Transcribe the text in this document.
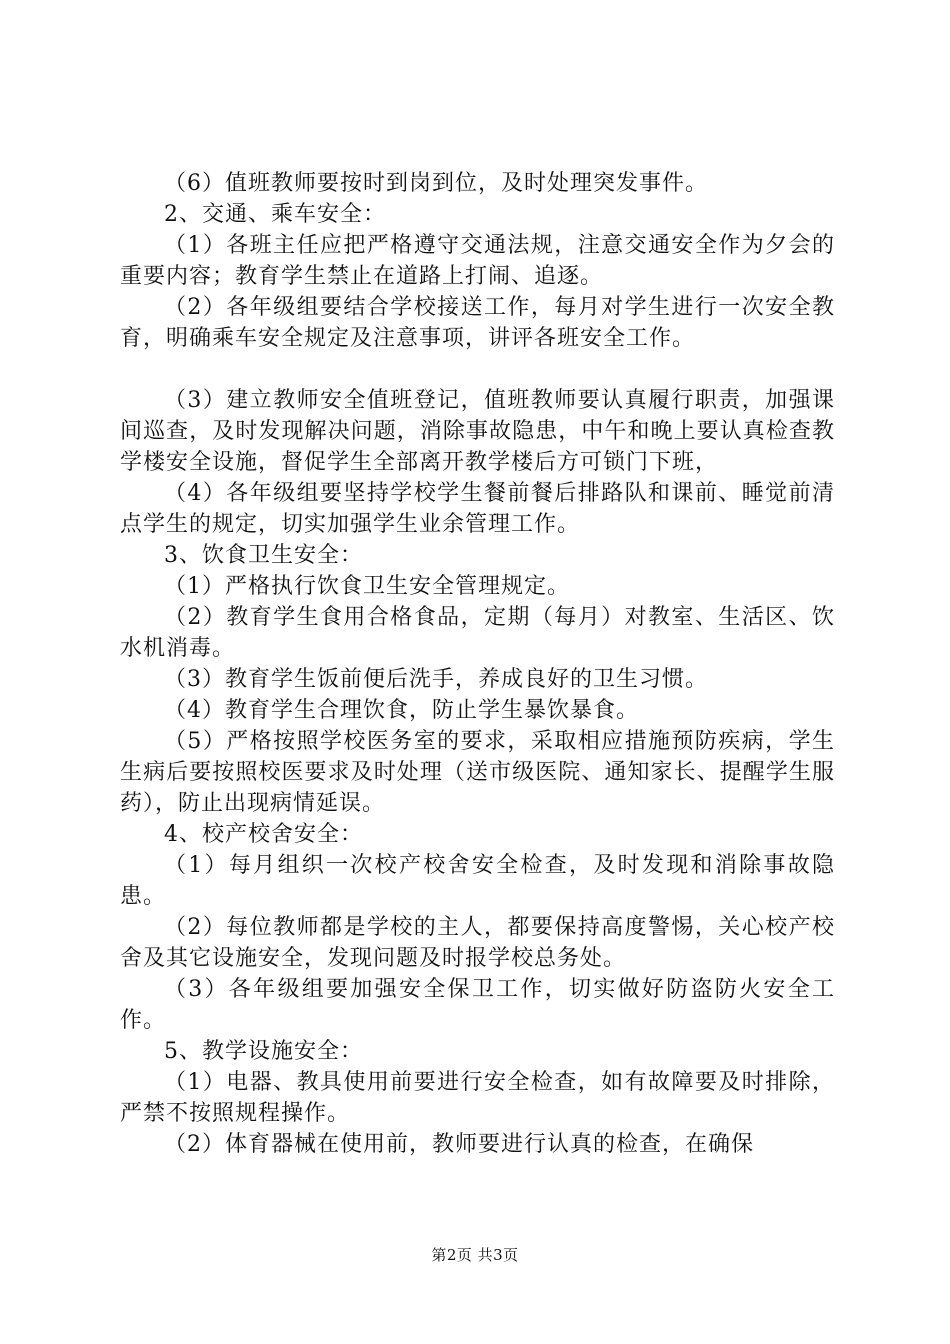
（6）值班教师要按时到岗到位，及时处理突发事件。

2、交通、乘车安全：

（1）各班主任应把严格遵守交通法规，注意交通安全作为夕会的重要内容；教育学生禁止在道路上打闹、追逐。

（2）各年级组要结合学校接送工作，每月对学生进行一次安全教育，明确乘车安全规定及注意事项，讲评各班安全工作。

（3）建立教师安全值班登记，值班教师要认真履行职责，加强课间巡查，及时发现解决问题，消除事故隐患，中午和晚上要认真检查教学楼安全设施，督促学生全部离开教学楼后方可锁门下班，

（4）各年级组要坚持学校学生餐前餐后排路队和课前、睡觉前清点学生的规定，切实加强学生业余管理工作。

3、饮食卫生安全：

（1）严格执行饮食卫生安全管理规定。

（2）教育学生食用合格食品，定期（每月）对教室、生活区、饮水机消毒。

（3）教育学生饭前便后洗手，养成良好的卫生习惯。

（4）教育学生合理饮食，防止学生暴饮暴食。

（5）严格按照学校医务室的要求，采取相应措施预防疾病，学生生病后要按照校医要求及时处理（送市级医院、通知家长、提醒学生服药），防止出现病情延误。

4、校产校舍安全：

（1）每月组织一次校产校舍安全检查，及时发现和消除事故隐患。

（2）每位教师都是学校的主人，都要保持高度警惕，关心校产校舍及其它设施安全，发现问题及时报学校总务处。

（3）各年级组要加强安全保卫工作，切实做好防盗防火安全工作。

5、教学设施安全：

（1）电器、教具使用前要进行安全检查，如有故障要及时排除，严禁不按照规程操作。

（2）体育器械在使用前，教师要进行认真的检查，在确保

第2页 共3页
